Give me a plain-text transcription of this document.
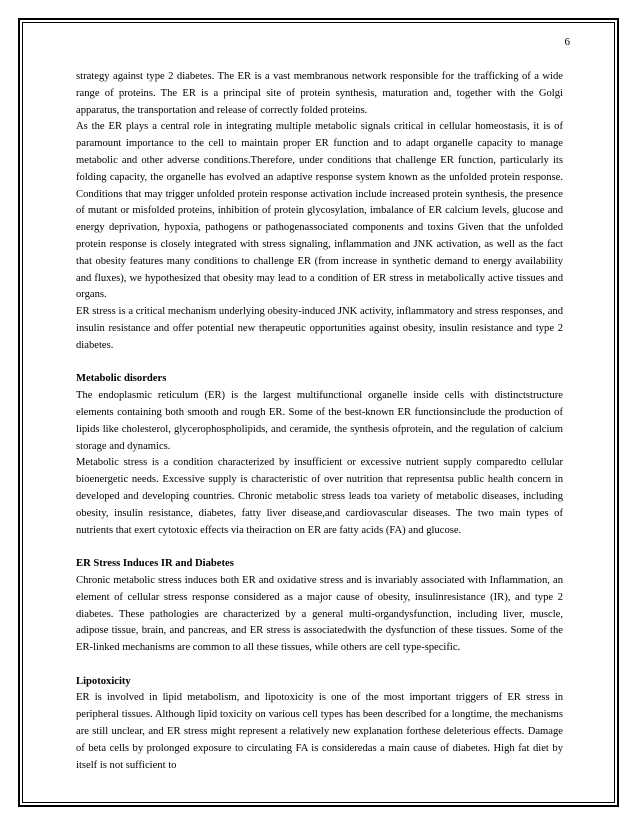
6

strategy against type 2 diabetes. The ER is a vast membranous network responsible for the trafficking of a wide range of proteins. The ER is a principal site of protein synthesis, maturation and, together with the Golgi apparatus, the transportation and release of correctly folded proteins.

As the ER plays a central role in integrating multiple metabolic signals critical in cellular homeostasis, it is of paramount importance to the cell to maintain proper ER function and to adapt organelle capacity to manage metabolic and other adverse conditions.Therefore, under conditions that challenge ER function, particularly its folding capacity, the organelle has evolved an adaptive response system known as the unfolded protein response. Conditions that may trigger unfolded protein response activation include increased protein synthesis, the presence of mutant or misfolded proteins, inhibition of protein glycosylation, imbalance of ER calcium levels, glucose and energy deprivation, hypoxia, pathogens or pathogenassociated components and toxins Given that the unfolded protein response is closely integrated with stress signaling, inflammation and JNK activation, as well as the fact that obesity features many conditions to challenge ER (from increase in synthetic demand to energy availability and fluxes), we hypothesized that obesity may lead to a condition of ER stress in metabolically active tissues and organs.

ER stress is a critical mechanism underlying obesity-induced JNK activity, inflammatory and stress responses, and insulin resistance and offer potential new therapeutic opportunities against obesity, insulin resistance and type 2 diabetes.

Metabolic disorders

The endoplasmic reticulum (ER) is the largest multifunctional organelle inside cells with distinctstructure elements containing both smooth and rough ER. Some of the best-known ER functionsinclude the production of lipids like cholesterol, glycerophospholipids, and ceramide, the synthesis ofprotein, and the regulation of calcium storage and dynamics.

Metabolic stress is a condition characterized by insufficient or excessive nutrient supply comparedto cellular bioenergetic needs. Excessive supply is characteristic of over nutrition that representsa public health concern in developed and developing countries. Chronic metabolic stress leads toa variety of metabolic diseases, including obesity, insulin resistance, diabetes, fatty liver disease,and cardiovascular diseases. The two main types of nutrients that exert cytotoxic effects via theiraction on ER are fatty acids (FA) and glucose.

ER Stress Induces IR and Diabetes

Chronic metabolic stress induces both ER and oxidative stress and is invariably associated with Inflammation, an element of cellular stress response considered as a major cause of obesity, insulinresistance (IR), and type 2 diabetes. These pathologies are characterized by a general multi-organdysfunction, including liver, muscle, adipose tissue, brain, and pancreas, and ER stress is associatedwith the dysfunction of these tissues. Some of the ER-linked mechanisms are common to all these tissues, while others are cell type-specific.

Lipotoxicity

ER is involved in lipid metabolism, and lipotoxicity is one of the most important triggers of ER stress in peripheral tissues. Although lipid toxicity on various cell types has been described for a longtime, the mechanisms are still unclear, and ER stress might represent a relatively new explanation forthese deleterious effects. Damage of beta cells by prolonged exposure to circulating FA is consideredas a main cause of diabetes. High fat diet by itself is not sufficient to
